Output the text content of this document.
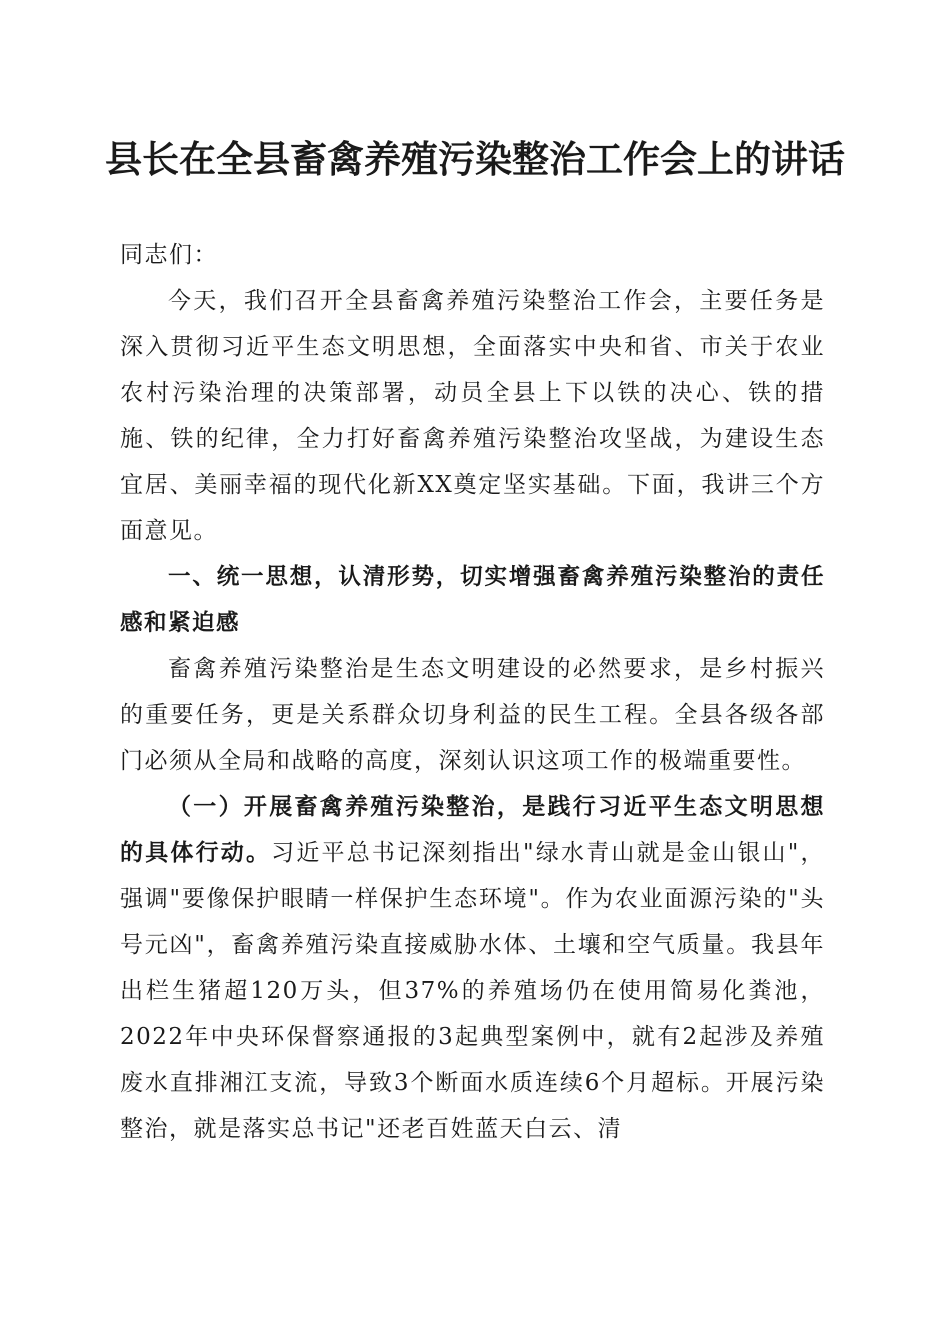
县长在全县畜禽养殖污染整治工作会上的讲话

同志们：

今天，我们召开全县畜禽养殖污染整治工作会，主要任务是深入贯彻习近平生态文明思想，全面落实中央和省、市关于农业农村污染治理的决策部署，动员全县上下以铁的决心、铁的措施、铁的纪律，全力打好畜禽养殖污染整治攻坚战，为建设生态宜居、美丽幸福的现代化新XX奠定坚实基础。下面，我讲三个方面意见。

一、统一思想，认清形势，切实增强畜禽养殖污染整治的责任感和紧迫感

畜禽养殖污染整治是生态文明建设的必然要求，是乡村振兴的重要任务，更是关系群众切身利益的民生工程。全县各级各部门必须从全局和战略的高度，深刻认识这项工作的极端重要性。

（一）开展畜禽养殖污染整治，是践行习近平生态文明思想的具体行动。习近平总书记深刻指出"绿水青山就是金山银山"，强调"要像保护眼睛一样保护生态环境"。作为农业面源污染的"头号元凶"，畜禽养殖污染直接威胁水体、土壤和空气质量。我县年出栏生猪超120万头，但37%的养殖场仍在使用简易化粪池，2022年中央环保督察通报的3起典型案例中，就有2起涉及养殖废水直排湘江支流，导致3个断面水质连续6个月超标。开展污染整治，就是落实总书记"还老百姓蓝天白云、清
